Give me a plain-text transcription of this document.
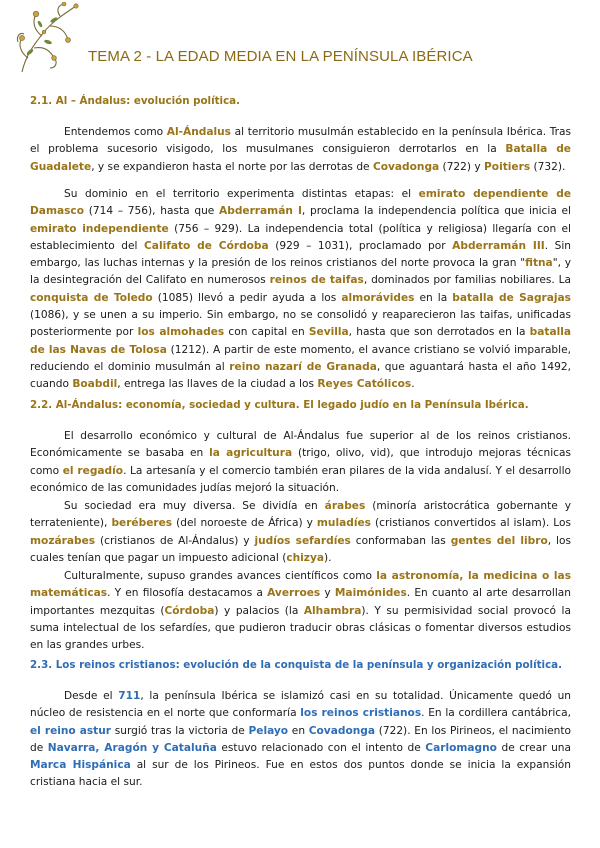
TEMA 2 - LA EDAD MEDIA EN LA PENÍNSULA IBÉRICA
2.1. Al – Ándalus: evolución política.

Entendemos como Al-Ándalus al territorio musulmán establecido en la península Ibérica. Tras el problema sucesorio visigodo, los musulmanes consiguieron derrotarlos en la Batalla de Guadalete, y se expandieron hasta el norte por las derrotas de Covadonga (722) y Poitiers (732).

Su dominio en el territorio experimenta distintas etapas: el emirato dependiente de Damasco (714 – 756), hasta que Abderramán I, proclama la independencia política que inicia el emirato independiente (756 – 929). La independencia total (política y religiosa) llegaría con el establecimiento del Califato de Córdoba (929 – 1031), proclamado por Abderramán III. Sin embargo, las luchas internas y la presión de los reinos cristianos del norte provoca la gran "fitna", y la desintegración del Califato en numerosos reinos de taifas, dominados por familias nobiliares. La conquista de Toledo (1085) llevó a pedir ayuda a los almorávides en la batalla de Sagrajas (1086), y se unen a su imperio. Sin embargo, no se consolidó y reaparecieron las taifas, unificadas posteriormente por los almohades con capital en Sevilla, hasta que son derrotados en la batalla de las Navas de Tolosa (1212). A partir de este momento, el avance cristiano se volvió imparable, reduciendo el dominio musulmán al reino nazarí de Granada, que aguantará hasta el año 1492, cuando Boabdil, entrega las llaves de la ciudad a los Reyes Católicos.

2.2. Al-Ándalus: economía, sociedad y cultura. El legado judío en la Península Ibérica.

El desarrollo económico y cultural de Al-Ándalus fue superior al de los reinos cristianos. Económicamente se basaba en la agricultura (trigo, olivo, vid), que introdujo mejoras técnicas como el regadío. La artesanía y el comercio también eran pilares de la vida andalusí. Y el desarrollo económico de las comunidades judías mejoró la situación.

Su sociedad era muy diversa. Se dividía en árabes (minoría aristocrática gobernante y terrateniente), beréberes (del noroeste de África) y muladíes (cristianos convertidos al islam). Los mozárabes (cristianos de Al-Ándalus) y judíos sefardíes conformaban las gentes del libro, los cuales tenían que pagar un impuesto adicional (chizya).

Culturalmente, supuso grandes avances científicos como la astronomía, la medicina o las matemáticas. Y en filosofía destacamos a Averroes y Maimónides. En cuanto al arte desarrollan importantes mezquitas (Córdoba) y palacios (la Alhambra). Y su permisividad social provocó la suma intelectual de los sefardíes, que pudieron traducir obras clásicas o fomentar diversos estudios en las grandes urbes.

2.3. Los reinos cristianos: evolución de la conquista de la península y organización política.

Desde el 711, la península Ibérica se islamizó casi en su totalidad. Únicamente quedó un núcleo de resistencia en el norte que conformaría los reinos cristianos. En la cordillera cantábrica, el reino astur surgió tras la victoria de Pelayo en Covadonga (722). En los Pirineos, el nacimiento de Navarra, Aragón y Cataluña estuvo relacionado con el intento de Carlomagno de crear una Marca Hispánica al sur de los Pirineos. Fue en estos dos puntos donde se inicia la expansión cristiana hacia el sur.
